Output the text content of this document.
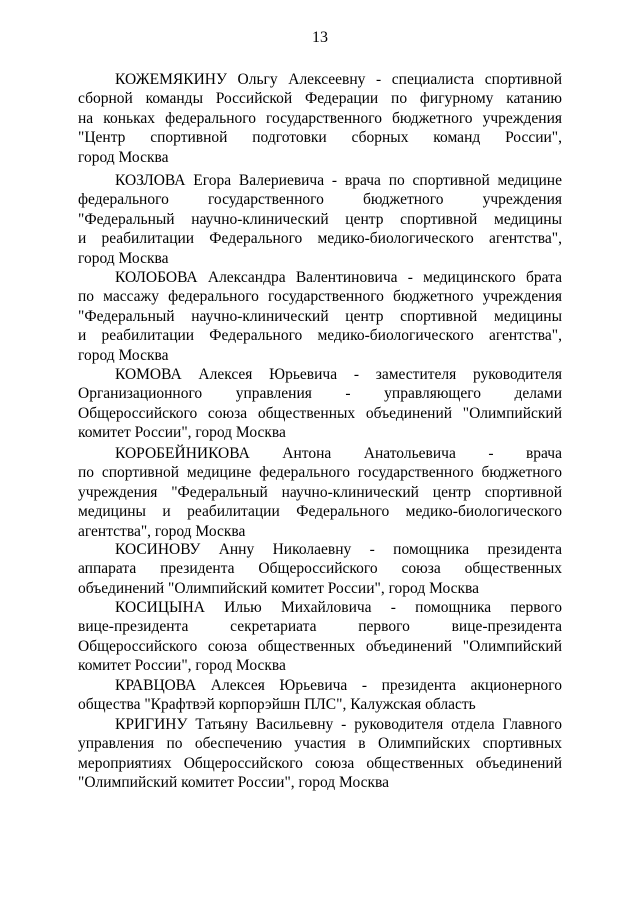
13
КОЖЕМЯКИНУ Ольгу Алексеевну - специалиста спортивной
сборной команды Российской Федерации по фигурному катанию
на коньках федерального государственного бюджетного учреждения
"Центр спортивной подготовки сборных команд России",
город Москва
КОЗЛОВА Егора Валериевича - врача по спортивной медицине
федерального государственного бюджетного учреждения
"Федеральный научно-клинический центр спортивной медицины
и реабилитации Федерального медико-биологического агентства",
город Москва
КОЛОБОВА Александра Валентиновича - медицинского брата
по массажу федерального государственного бюджетного учреждения
"Федеральный научно-клинический центр спортивной медицины
и реабилитации Федерального медико-биологического агентства",
город Москва
КОМОВА Алексея Юрьевича - заместителя руководителя
Организационного управления - управляющего делами
Общероссийского союза общественных объединений "Олимпийский
комитет России", город Москва
КОРОБЕЙНИКОВА Антона Анатольевича - врача
по спортивной медицине федерального государственного бюджетного
учреждения "Федеральный научно-клинический центр спортивной
медицины и реабилитации Федерального медико-биологического
агентства", город Москва
КОСИНОВУ Анну Николаевну - помощника президента
аппарата президента Общероссийского союза общественных
объединений "Олимпийский комитет России", город Москва
КОСИЦЫНА Илью Михайловича - помощника первого
вице-президента секретариата первого вице-президента
Общероссийского союза общественных объединений "Олимпийский
комитет России", город Москва
КРАВЦОВА Алексея Юрьевича - президента акционерного
общества "Крафтвэй корпорэйшн ПЛС", Калужская область
КРИГИНУ Татьяну Васильевну - руководителя отдела Главного
управления по обеспечению участия в Олимпийских спортивных
мероприятиях Общероссийского союза общественных объединений
"Олимпийский комитет России", город Москва
